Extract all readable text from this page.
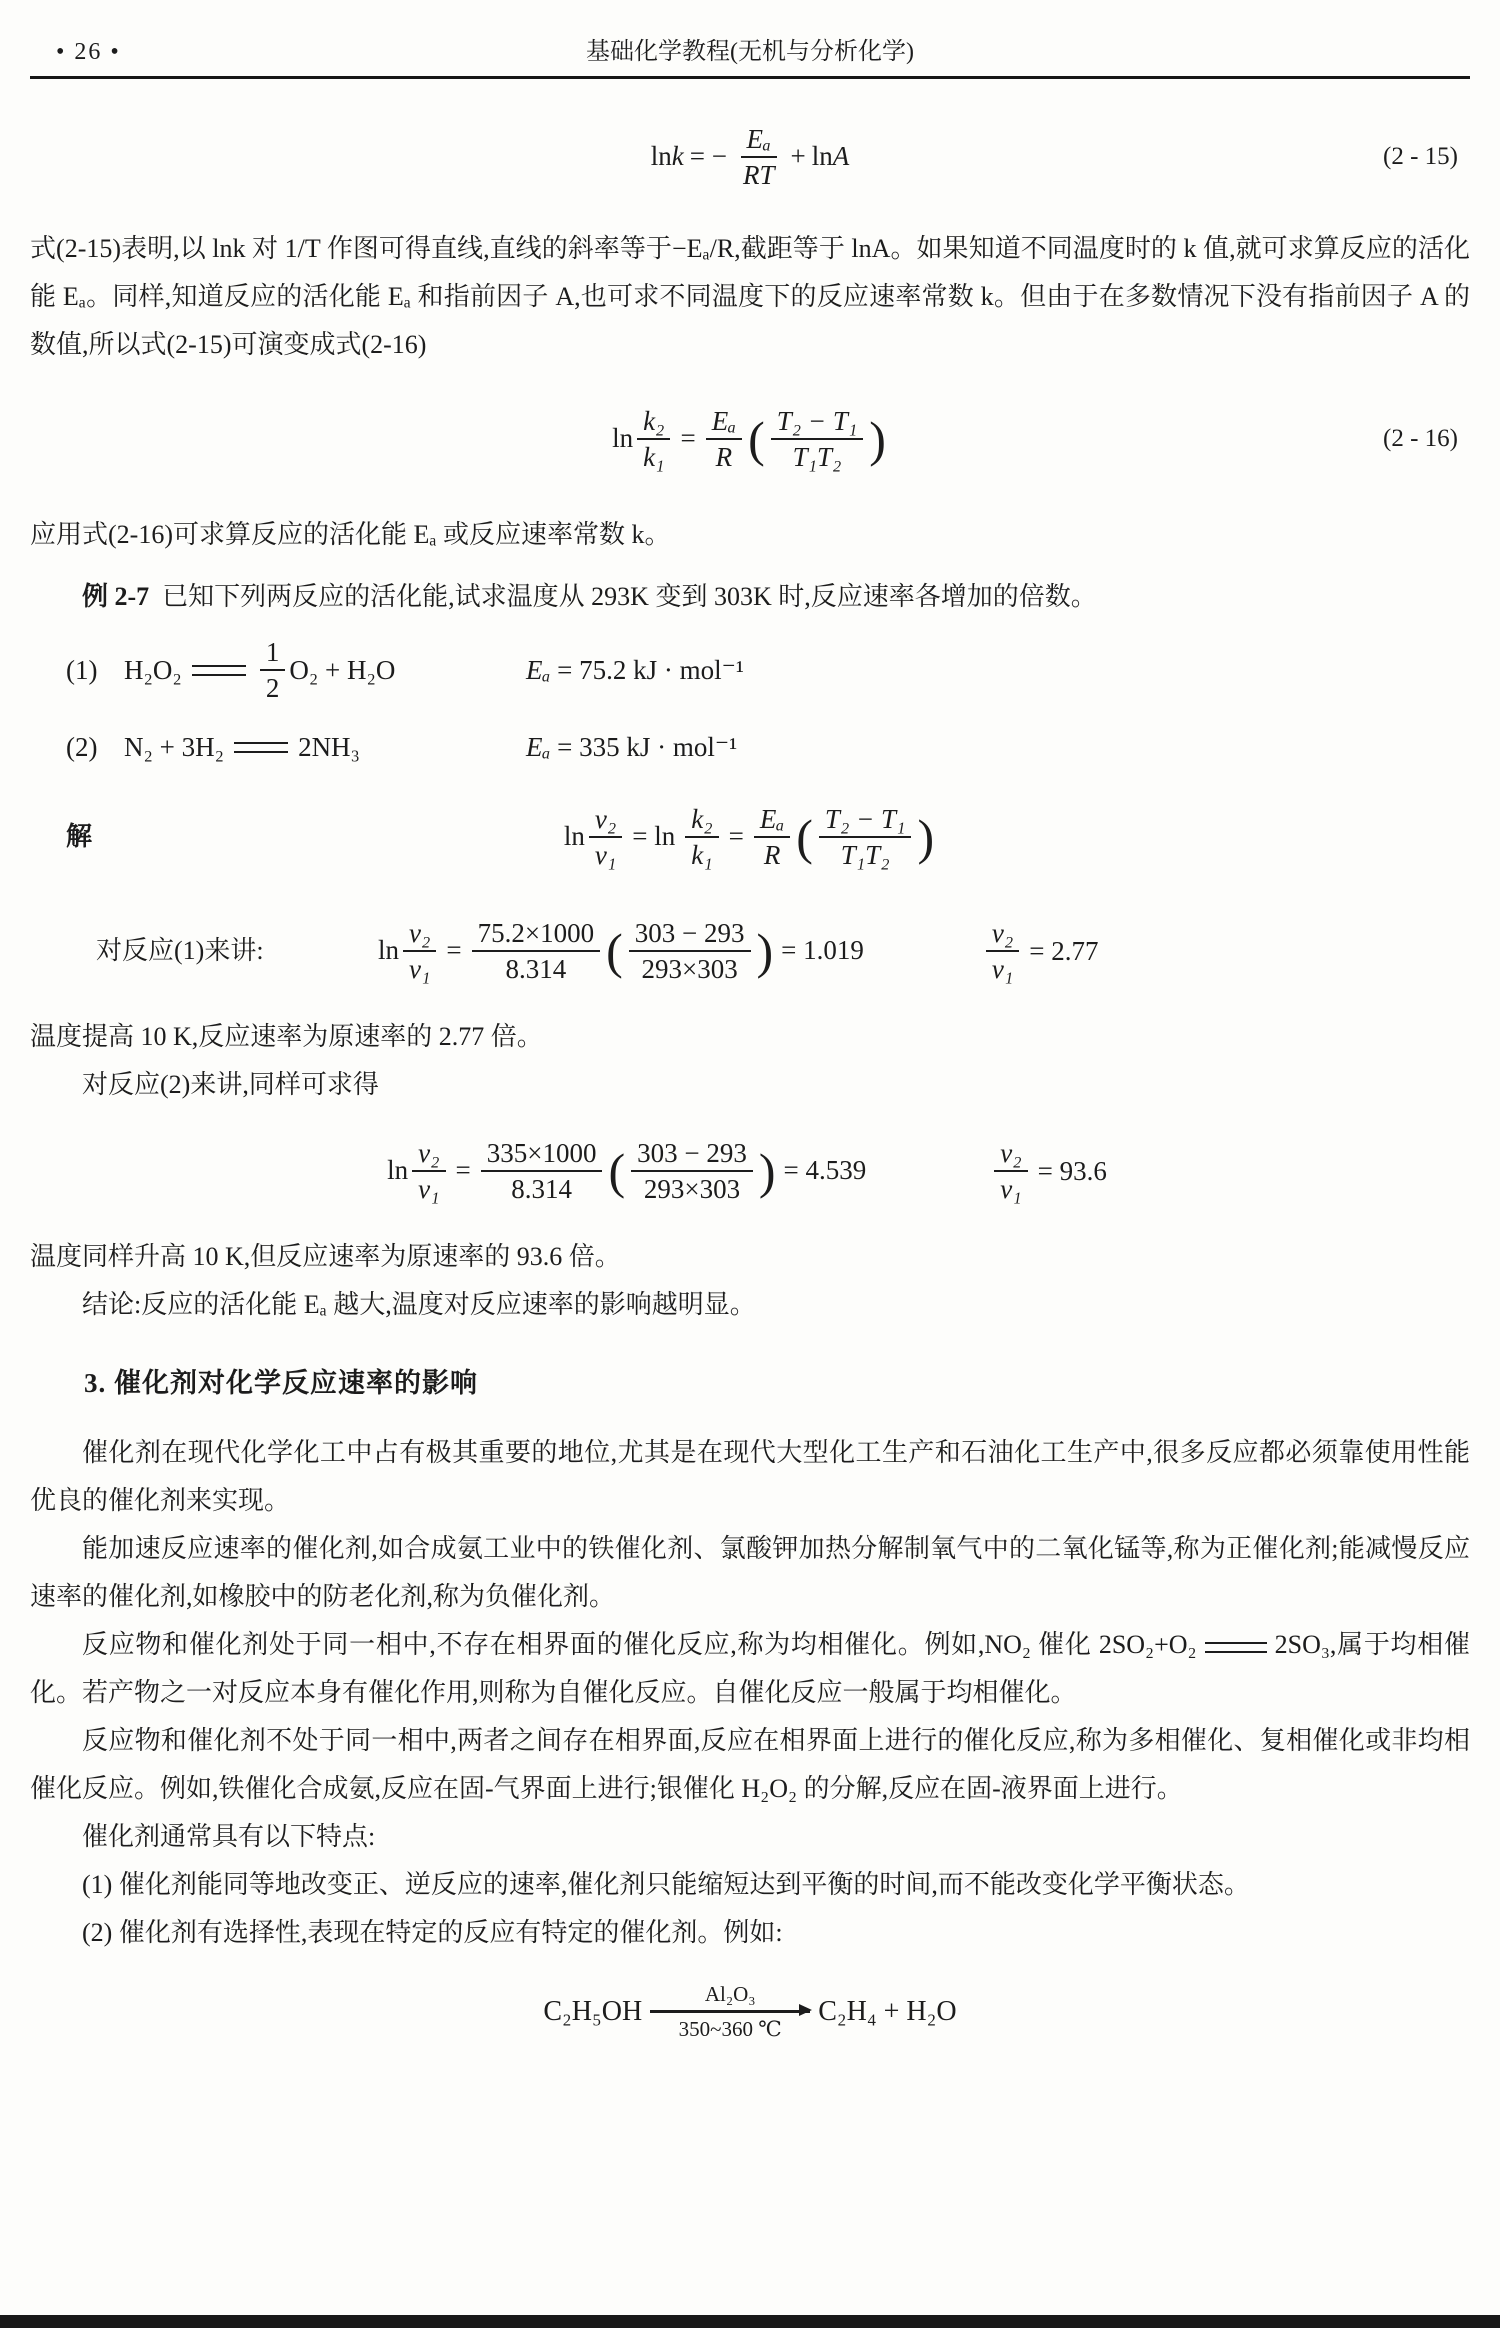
• 26 •	基础化学教程(无机与分析化学)
ln k = − $\frac{\text{Eₐ}}{RT} + \ln A$	(2 - 15)

式(2-15)表明,以 lnk 对 1/T 作图可得直线,直线的斜率等于−Eₐ/R,截距等于 lnA。如果知道不同温度时的 k 值,就可求算反应的活化能 Eₐ。同样,知道反应的活化能 Eₐ 和指前因子 A,也可求不同温度下的反应速率常数 k。但由于在多数情况下没有指前因子 A 的数值,所以式(2-15)可演变成式(2-16)

$\ln \frac{\text{k₂}}{\text{k₁}} = \frac{\text{Eₐ}}{R}$ ( $\frac{\text{T₂ − T₁}}{\text{T₁T₂}}$ )	(2 - 16)

应用式(2-16)可求算反应的活化能 Eₐ 或反应速率常数 k。

例 2-7 已知下列两反应的活化能,试求温度从 293K 变到 303K 时,反应速率各增加的倍数。

(1) H₂O₂	$\frac{1}{2} O_2 + H_2O$	Eₐ = 75.2 kJ · mol⁻¹
(2) N₂ + 3H₂	2NH₃	Eₐ = 335 kJ · mol⁻¹
解	$\ln \frac{\text{v₂}}{\text{v₁}} = \ln \frac{\text{k₂}}{\text{k₁}} = \frac{\text{Eₐ}}{R}$ ( $\frac{\text{T₂ − T₁}}{\text{T₁T₂}}$ )
对反应(1)来讲:	$\ln \frac{\text{v₂}}{\text{v₁}} = \frac{75.2\times 1000}{8.314}$ ( $\frac{303 - 293}{293\times 303}$ ) = 1.019	$\frac{\text{v₂}}{\text{v₁}} = 2.77$

温度提高 10 K,反应速率为原速率的 2.77 倍。

对反应(2)来讲,同样可求得

$\ln \frac{\text{v₂}}{\text{v₁}} = \frac{335\times 1000}{8.314}$ ( $\frac{303 - 293}{293\times 303}$ ) = 4.539	$\frac{\text{v₂}}{\text{v₁}} = 93.6$

温度同样升高 10 K,但反应速率为原速率的 93.6 倍。

结论:反应的活化能 Eₐ 越大,温度对反应速率的影响越明显。

3. 催化剂对化学反应速率的影响

催化剂在现代化学化工中占有极其重要的地位,尤其是在现代大型化工生产和石油化工生产中,很多反应都必须靠使用性能优良的催化剂来实现。

能加速反应速率的催化剂,如合成氨工业中的铁催化剂、氯酸钾加热分解制氧气中的二氧化锰等,称为正催化剂;能减慢反应速率的催化剂,如橡胶中的防老化剂,称为负催化剂。

反应物和催化剂处于同一相中,不存在相界面的催化反应,称为均相催化。例如,NO₂ 催化 2SO₂+O₂	2SO₃,属于均相催化。若产物之一对反应本身有催化作用,则称为自催化反应。自催化反应一般属于均相催化。

反应物和催化剂不处于同一相中,两者之间存在相界面,反应在相界面上进行的催化反应,称为多相催化、复相催化或非均相催化反应。例如,铁催化合成氨,反应在固-气界面上进行;银催化 H₂O₂ 的分解,反应在固-液界面上进行。

催化剂通常具有以下特点:

(1) 催化剂能同等地改变正、逆反应的速率,催化剂只能缩短达到平衡的时间,而不能改变化学平衡状态。

(2) 催化剂有选择性,表现在特定的反应有特定的催化剂。例如:

C₂H₅OH
Al₂O₃
350~360 ℃
C₂H₄ + H₂O
